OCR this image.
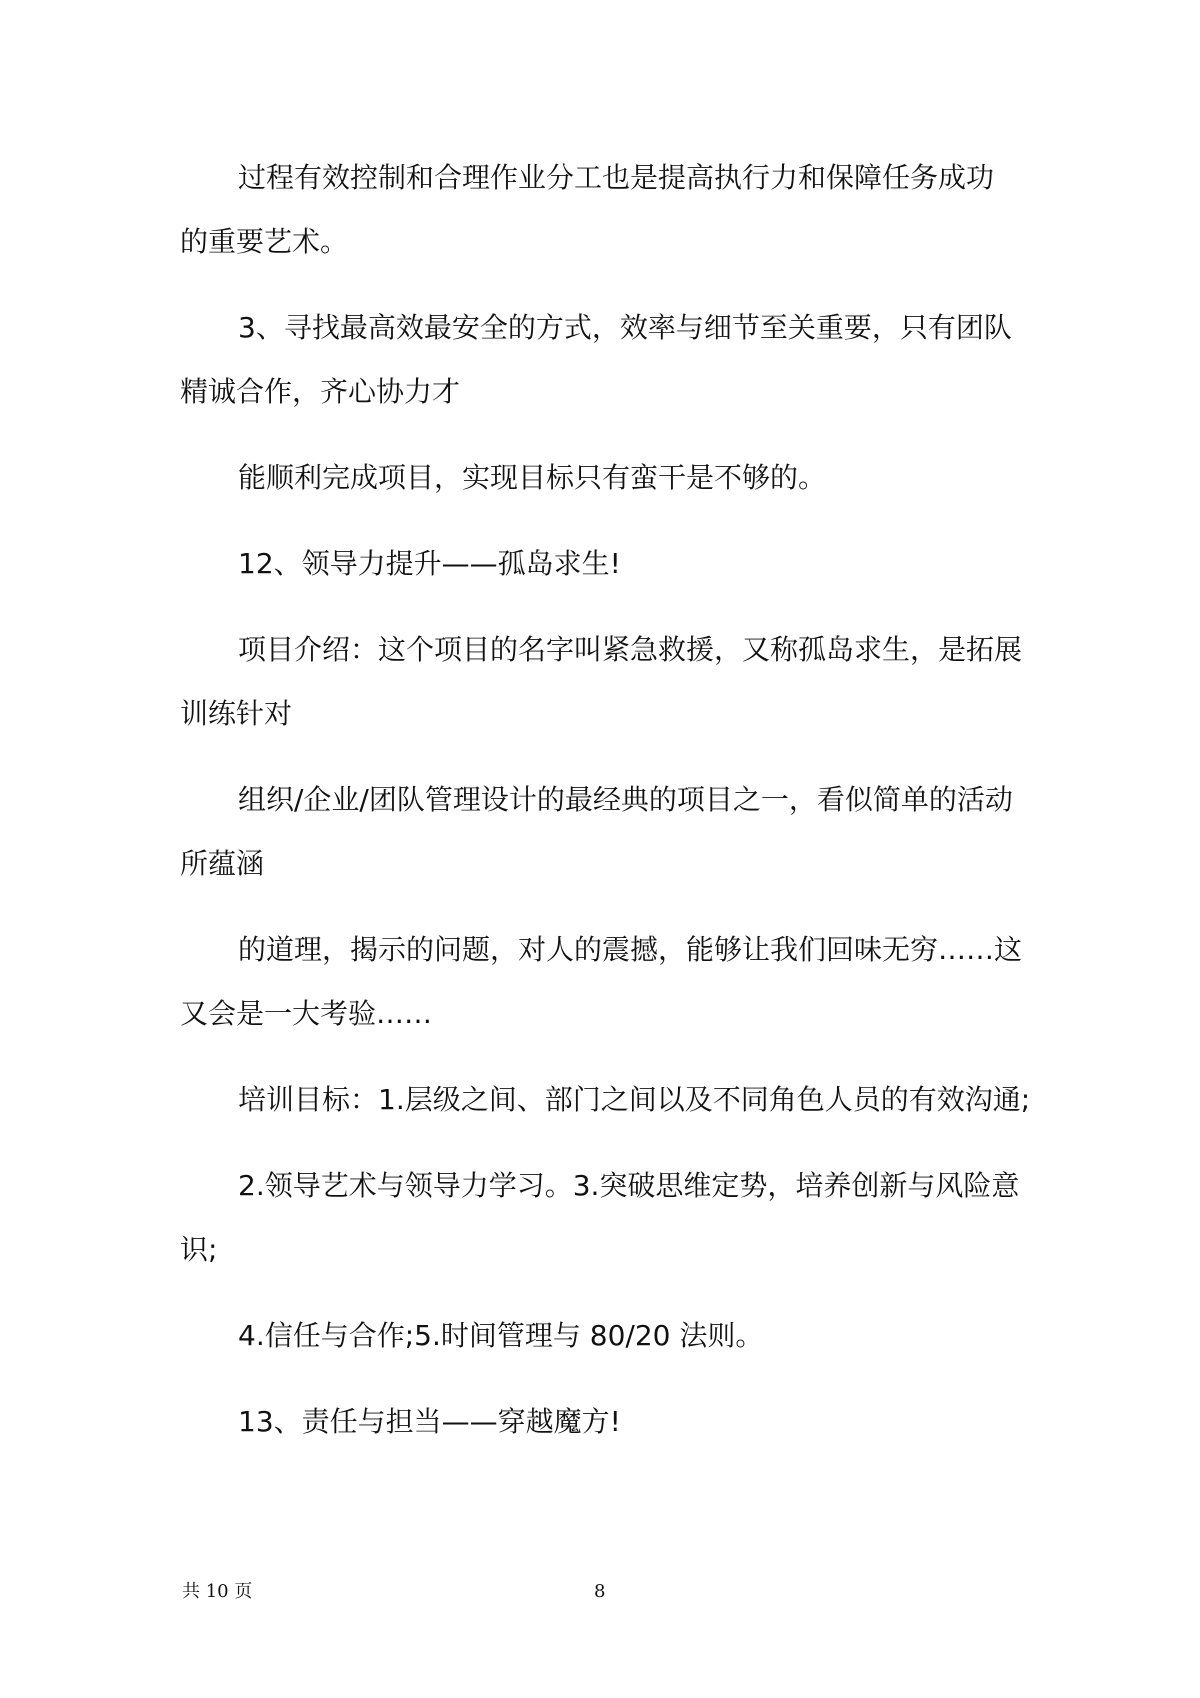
过程有效控制和合理作业分工也是提高执行力和保障任务成功
的重要艺术。

3、寻找最高效最安全的方式，效率与细节至关重要，只有团队
精诚合作，齐心协力才

能顺利完成项目，实现目标只有蛮干是不够的。

12、领导力提升——孤岛求生!

项目介绍：这个项目的名字叫紧急救援，又称孤岛求生，是拓展
训练针对

组织/企业/团队管理设计的最经典的项目之一，看似简单的活动
所蕴涵

的道理，揭示的问题，对人的震撼，能够让我们回味无穷……这
又会是一大考验……

培训目标：1.层级之间、部门之间以及不同角色人员的有效沟通;

2.领导艺术与领导力学习。3.突破思维定势，培养创新与风险意
识;

4.信任与合作;5.时间管理与 80/20 法则。

13、责任与担当——穿越魔方!

共 10 页	8
